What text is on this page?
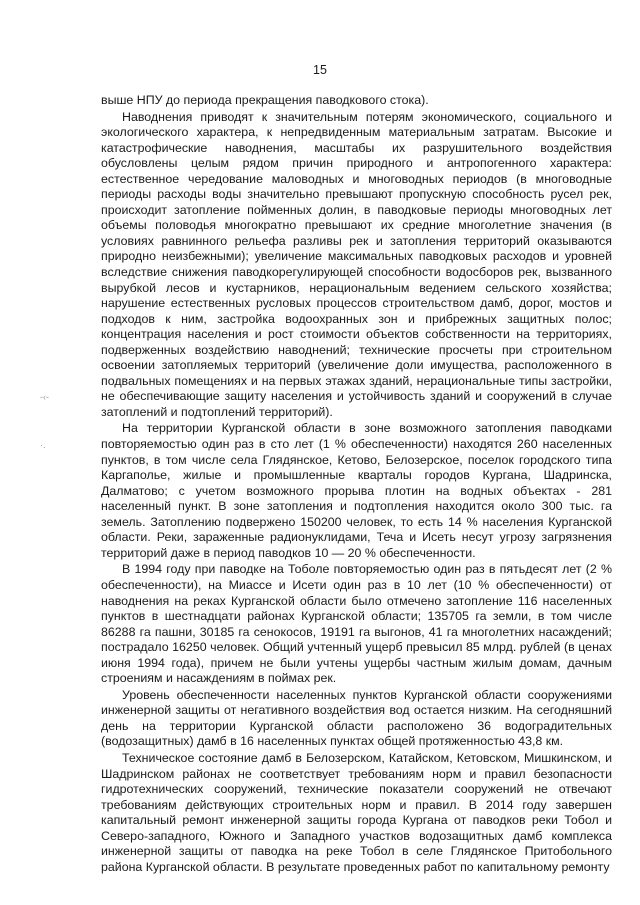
15
-‹-
·.

выше НПУ до периода прекращения паводкового стока).

Наводнения приводят к значительным потерям экономического, социального и экологического характера, к непредвиденным материальным затратам. Высокие и катастрофические наводнения, масштабы их разрушительного воздействия обусловлены целым рядом причин природного и антропогенного характера: естественное чередование маловодных и многоводных периодов (в многоводные периоды расходы воды значительно превышают пропускную способность русел рек, происходит затопление пойменных долин, в паводковые периоды многоводных лет объемы половодья многократно превышают их средние многолетние значения (в условиях равнинного рельефа разливы рек и затопления территорий оказываются природно неизбежными); увеличение максимальных паводковых расходов и уровней вследствие снижения паводкорегулирующей способности водосборов рек, вызванного вырубкой лесов и кустарников, нерациональным ведением сельского хозяйства; нарушение естественных русловых процессов строительством дамб, дорог, мостов и подходов к ним, застройка водоохранных зон и прибрежных защитных полос; концентрация населения и рост стоимости объектов собственности на территориях, подверженных воздействию наводнений; технические просчеты при строительном освоении затопляемых территорий (увеличение доли имущества, расположенного в подвальных помещениях и на первых этажах зданий, нерациональные типы застройки, не обеспечивающие защиту населения и устойчивость зданий и сооружений в случае затоплений и подтоплений территорий).

На территории Курганской области в зоне возможного затопления паводками повторяемостью один раз в сто лет (1 % обеспеченности) находятся 260 населенных пунктов, в том числе села Глядянское, Кетово, Белозерское, поселок городского типа Каргаполье, жилые и промышленные кварталы городов Кургана, Шадринска, Далматово; с учетом возможного прорыва плотин на водных объектах - 281 населенный пункт. В зоне затопления и подтопления находится около 300 тыс. га земель. Затоплению подвержено 150200 человек, то есть 14 % населения Курганской области. Реки, зараженные радионуклидами, Теча и Исеть несут угрозу загрязнения территорий даже в период паводков 10 — 20 % обеспеченности.

В 1994 году при паводке на Тоболе повторяемостью один раз в пятьдесят лет (2 % обеспеченности), на Миассе и Исети один раз в 10 лет (10 % обеспеченности) от наводнения на реках Курганской области было отмечено затопление 116 населенных пунктов в шестнадцати районах Курганской области; 135705 га земли, в том числе 86288 га пашни, 30185 га сенокосов, 19191 га выгонов, 41 га многолетних насаждений; пострадало 16250 человек. Общий учтенный ущерб превысил 85 млрд. рублей (в ценах июня 1994 года), причем не были учтены ущербы частным жилым домам, дачным строениям и насаждениям в поймах рек.

Уровень обеспеченности населенных пунктов Курганской области сооружениями инженерной защиты от негативного воздействия вод остается низким. На сегодняшний день на территории Курганской области расположено 36 водоградительных (водозащитных) дамб в 16 населенных пунктах общей протяженностью 43,8 км.

Техническое состояние дамб в Белозерском, Катайском, Кетовском, Мишкинском, и Шадринском районах не соответствует требованиям норм и правил безопасности гидротехнических сооружений, технические показатели сооружений не отвечают требованиям действующих строительных норм и правил. В 2014 году завершен капитальный ремонт инженерной защиты города Кургана от паводков реки Тобол и Северо-западного, Южного и Западного участков водозащитных дамб комплекса инженерной защиты от паводка на реке Тобол в селе Глядянское Притобольного района Курганской области. В результате проведенных работ по капитальному ремонту
